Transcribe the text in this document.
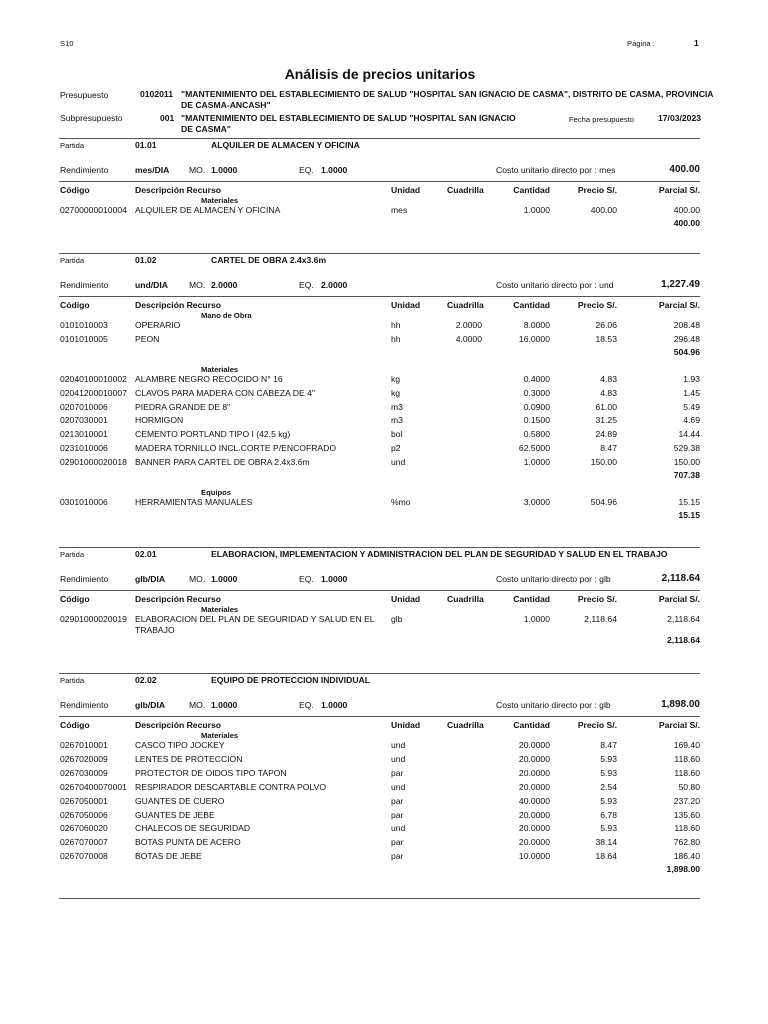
S10	Página :	1
Análisis de precios unitarios
Presupuesto	0102011 "MANTENIMIENTO DEL ESTABLECIMIENTO DE SALUD "HOSPITAL SAN IGNACIO DE CASMA", DISTRITO DE CASMA, PROVINCIA
DE CASMA-ANCASH"
Subpresupuesto	001 "MANTENIMIENTO DEL ESTABLECIMIENTO DE SALUD "HOSPITAL SAN IGNACIO
DE CASMA"
Fecha presupuesto	17/03/2023
Partida	01.01	ALQUILER DE ALMACEN Y OFICINA
Rendimiento	mes/DIA MO. 1.0000	EQ. 1.0000	Costo unitario directo por : mes	400.00
Código	Descripción Recurso	Unidad	Cuadrilla	Cantidad	Precio S/.	Parcial S/.
Materiales
02700000010004 ALQUILER DE ALMACEN Y OFICINA	mes	1.0000	400.00	400.00
400.00
Partida	01.02	CARTEL DE OBRA 2.4x3.6m
Rendimiento	und/DIA MO. 2.0000	EQ. 2.0000	Costo unitario directo por : und	1,227.49
Código	Descripción Recurso	Unidad	Cuadrilla	Cantidad	Precio S/.	Parcial S/.
Mano de Obra
0101010003	OPERARIO	hh	2.0000	8.0000	26.06	208.48
0101010005	PEON	hh	4.0000	16.0000	18.53	296.48
504.96
Materiales
02040100010002 ALAMBRE NEGRO RECOCIDO N° 16	kg	0.4000	4.83	1.93
02041200010007 CLAVOS PARA MADERA CON CABEZA DE 4"	kg	0.3000	4.83	1.45
0207010006	PIEDRA GRANDE DE 8"	m3	0.0900	61.00	5.49
0207030001	HORMIGON	m3	0.1500	31.25	4.69
0213010001	CEMENTO PORTLAND TIPO I (42.5 kg)	bol	0.5800	24.89	14.44
0231010006	MADERA TORNILLO INCL.CORTE P/ENCOFRADO	p2	62.5000	8.47	529.38
02901000020018 BANNER PARA CARTEL DE OBRA 2.4x3.6m	und	1.0000	150.00	150.00
707.38
Equipos
0301010006	HERRAMIENTAS MANUALES	%mo	3.0000	504.96	15.15
15.15
Partida	02.01	ELABORACION, IMPLEMENTACION Y ADMINISTRACION DEL PLAN DE SEGURIDAD Y SALUD EN EL TRABAJO
Rendimiento	glb/DIA	MO. 1.0000	EQ. 1.0000	Costo unitario directo por : glb	2,118.64
Código	Descripción Recurso	Unidad	Cuadrilla	Cantidad	Precio S/.	Parcial S/.
Materiales
02901000020019 ELABORACION DEL PLAN DE SEGURIDAD Y SALUD EN EL
TRABAJO
glb	1.0000	2,118.64	2,118.64
2,118.64
Partida	02.02	EQUIPO DE PROTECCION INDIVIDUAL
Rendimiento	glb/DIA	MO. 1.0000	EQ. 1.0000	Costo unitario directo por : glb	1,898.00
Código	Descripción Recurso	Unidad	Cuadrilla	Cantidad	Precio S/.	Parcial S/.
Materiales
0267010001	CASCO TIPO JOCKEY	und	20.0000	8.47	169.40
0267020009	LENTES DE PROTECCION	und	20.0000	5.93	118.60
0267030009	PROTECTOR DE OIDOS TIPO TAPON	par	20.0000	5.93	118.60
02670400070001 RESPIRADOR DESCARTABLE CONTRA POLVO	und	20.0000	2.54	50.80
0267050001	GUANTES DE CUERO	par	40.0000	5.93	237.20
0267050006	GUANTES DE JEBE	par	20.0000	6.78	135.60
0267060020	CHALECOS DE SEGURIDAD	und	20.0000	5.93	118.60
0267070007	BOTAS PUNTA DE ACERO	par	20.0000	38.14	762.80
0267070008	BOTAS DE JEBE	par	10.0000	18.64	186.40
1,898.00
